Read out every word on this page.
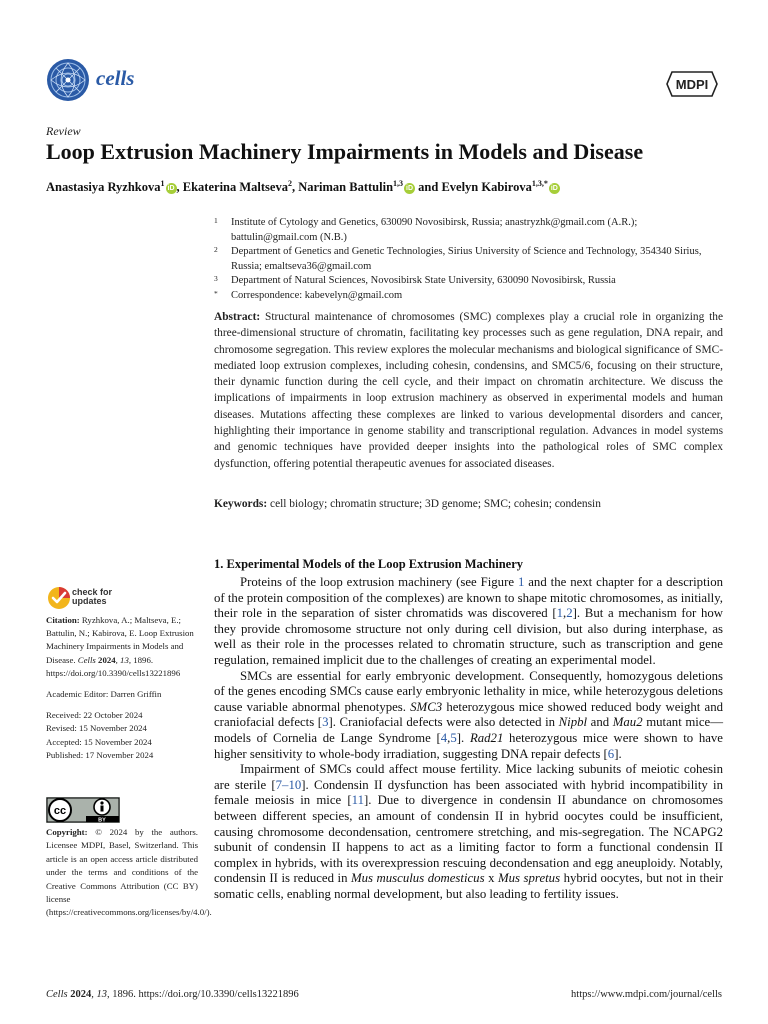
cells	MDPI
Review
Loop Extrusion Machinery Impairments in Models and Disease
Anastasiya Ryzhkova$^1$iD , Ekaterina Maltseva$^2$, Nariman Battulin$^{1,3}$iD and Evelyn Kabirova$^{1,3,*}$iD
1 Institute of Cytology and Genetics, 630090 Novosibirsk, Russia; anastryzhk@gmail.com (A.R.); battulin@gmail.com (N.B.)
2 Department of Genetics and Genetic Technologies, Sirius University of Science and Technology, 354340 Sirius, Russia; emaltseva36@gmail.com
3 Department of Natural Sciences, Novosibirsk State University, 630090 Novosibirsk, Russia
* Correspondence: kabevelyn@gmail.com
Abstract: Structural maintenance of chromosomes (SMC) complexes play a crucial role in organizing the three-dimensional structure of chromatin, facilitating key processes such as gene regulation, DNA repair, and chromosome segregation. This review explores the molecular mechanisms and biological significance of SMC-mediated loop extrusion complexes, including cohesin, condensins, and SMC5/6, focusing on their structure, their dynamic function during the cell cycle, and their impact on chromatin architecture. We discuss the implications of impairments in loop extrusion machinery as observed in experimental models and human diseases. Mutations affecting these complexes are linked to various developmental disorders and cancer, highlighting their importance in genome stability and transcriptional regulation. Advances in model systems and genomic techniques have provided deeper insights into the pathological roles of SMC complex dysfunction, offering potential therapeutic avenues for associated diseases.
Keywords: cell biology; chromatin structure; 3D genome; SMC; cohesin; condensin
1. Experimental Models of the Loop Extrusion Machinery

Proteins of the loop extrusion machinery (see Figure 1 and the next chapter for a description of the protein composition of the complexes) are known to shape mitotic chromosomes, as initially, their role in the separation of sister chromatids was discovered [1,2]. But a mechanism for how they provide chromosome structure not only during cell division, but also during interphase, as well as their role in the processes related to chromatin structure, such as transcription and gene regulation, remained implicit due to the challenges of creating an experimental model.

SMCs are essential for early embryonic development. Consequently, homozygous deletions of the genes encoding SMCs cause early embryonic lethality in mice, while heterozygous deletions cause variable abnormal phenotypes. SMC3 heterozygous mice showed reduced body weight and craniofacial defects [3]. Craniofacial defects were also detected in Nipbl and Mau2 mutant mice—models of Cornelia de Lange Syndrome [4,5]. Rad21 heterozygous mice were shown to have higher sensitivity to whole-body irradiation, suggesting DNA repair defects [6].

Impairment of SMCs could affect mouse fertility. Mice lacking subunits of meiotic cohesin are sterile [7–10]. Condensin II dysfunction has been associated with hybrid incompatibility in female meiosis in mice [11]. Due to divergence in condensin II abundance on chromosomes between different species, an amount of condensin II in hybrid oocytes could be insufficient, causing chromosome decondensation, centromere stretching, and mis-segregation. The NCAPG2 subunit of condensin II happens to act as a limiting factor to form a functional condensin II complex in hybrids, with its overexpression rescuing decondensation and egg aneuploidy. Notably, condensin II is reduced in Mus musculus domesticus x Mus spretus hybrid oocytes, but not in their somatic cells, enabling normal development, but also leading to fertility issues.

check for
updates
Citation: Ryzhkova, A.; Maltseva, E.; Battulin, N.; Kabirova, E. Loop Extrusion Machinery Impairments in Models and Disease. Cells 2024, 13, 1896. https://doi.org/10.3390/cells13221896
Academic Editor: Darren Griffin
Received: 22 October 2024
Revised: 15 November 2024
Accepted: 15 November 2024
Published: 17 November 2024
cc
BY
Copyright: © 2024 by the authors. Licensee MDPI, Basel, Switzerland. This article is an open access article distributed under the terms and conditions of the Creative Commons Attribution (CC BY) license (https://creativecommons.org/licenses/by/4.0/).
Cells 2024, 13, 1896. https://doi.org/10.3390/cells13221896	https://www.mdpi.com/journal/cells
